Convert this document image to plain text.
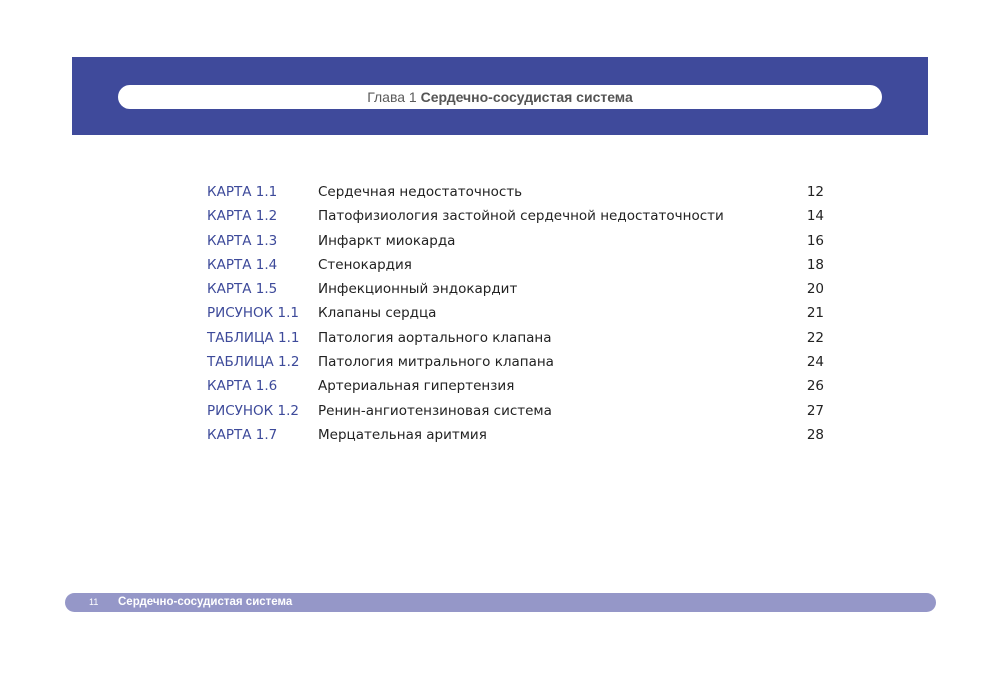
Глава 1 Сердечно-сосудистая система
КАРТА 1.1	Сердечная недостаточность	12
КАРТА 1.2	Патофизиология застойной сердечной недостаточности	14
КАРТА 1.3	Инфаркт миокарда	16
КАРТА 1.4	Стенокардия	18
КАРТА 1.5	Инфекционный эндокардит	20
РИСУНОК 1.1 Клапаны сердца	21
ТАБЛИЦА 1.1 Патология аортального клапана	22
ТАБЛИЦА 1.2 Патология митрального клапана	24
КАРТА 1.6	Артериальная гипертензия	26
РИСУНОК 1.2 Ренин-ангиотензиновая система	27
КАРТА 1.7	Мерцательная аритмия	28
11 Сердечно-сосудистая система
